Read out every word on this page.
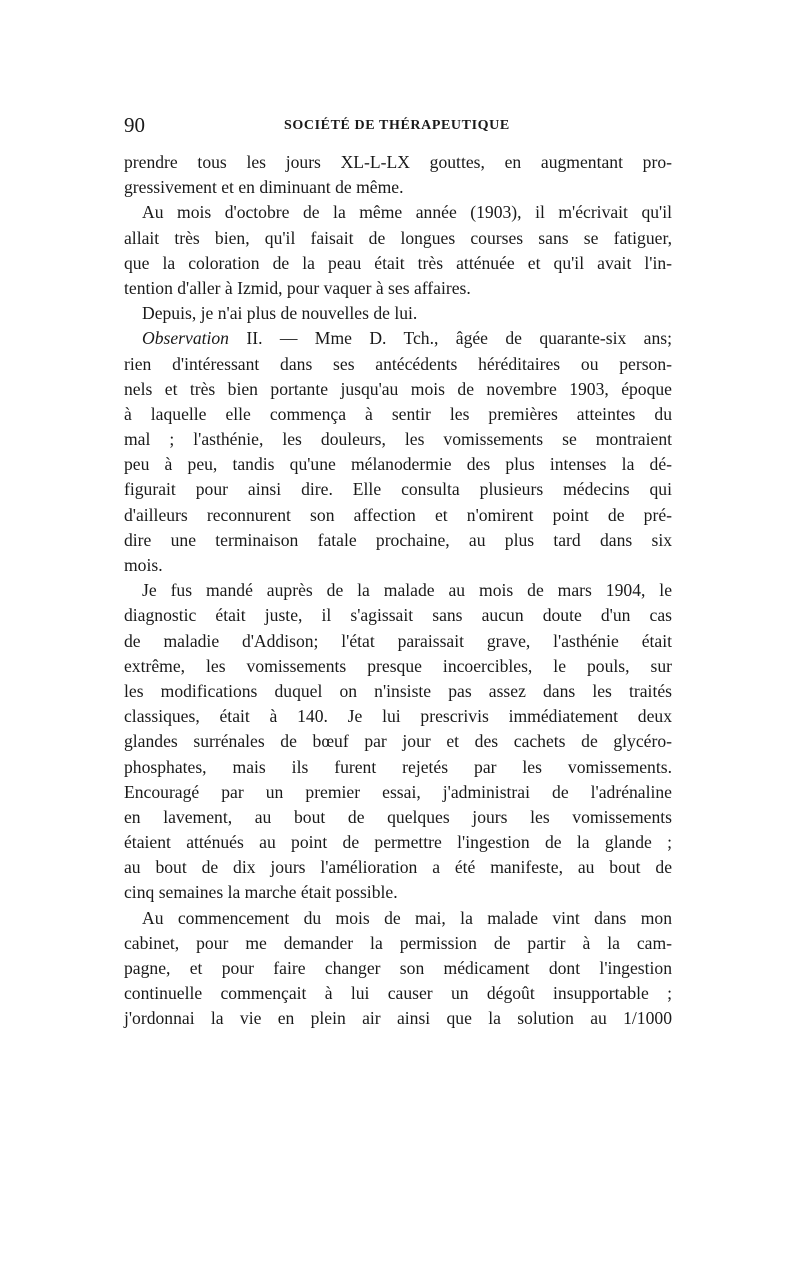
90	SOCIÉTÉ DE THÉRAPEUTIQUE
prendre tous les jours XL-L-LX gouttes, en augmentant pro-
gressivement et en diminuant de même.
Au mois d'octobre de la même année (1903), il m'écrivait qu'il
allait très bien, qu'il faisait de longues courses sans se fatiguer,
que la coloration de la peau était très atténuée et qu'il avait l'in-
tention d'aller à Izmid, pour vaquer à ses affaires.
Depuis, je n'ai plus de nouvelles de lui.
Observation II. — Mme D. Tch., âgée de quarante-six ans;
rien d'intéressant dans ses antécédents héréditaires ou person-
nels et très bien portante jusqu'au mois de novembre 1903, époque
à laquelle elle commença à sentir les premières atteintes du
mal ; l'asthénie, les douleurs, les vomissements se montraient
peu à peu, tandis qu'une mélanodermie des plus intenses la dé-
figurait pour ainsi dire. Elle consulta plusieurs médecins qui
d'ailleurs reconnurent son affection et n'omirent point de pré-
dire une terminaison fatale prochaine, au plus tard dans six
mois.
Je fus mandé auprès de la malade au mois de mars 1904, le
diagnostic était juste, il s'agissait sans aucun doute d'un cas
de maladie d'Addison; l'état paraissait grave, l'asthénie était
extrême, les vomissements presque incoercibles, le pouls, sur
les modifications duquel on n'insiste pas assez dans les traités
classiques, était à 140. Je lui prescrivis immédiatement deux
glandes surrénales de bœuf par jour et des cachets de glycéro-
phosphates, mais ils furent rejetés par les vomissements.
Encouragé par un premier essai, j'administrai de l'adrénaline
en lavement, au bout de quelques jours les vomissements
étaient atténués au point de permettre l'ingestion de la glande ;
au bout de dix jours l'amélioration a été manifeste, au bout de
cinq semaines la marche était possible.
Au commencement du mois de mai, la malade vint dans mon
cabinet, pour me demander la permission de partir à la cam-
pagne, et pour faire changer son médicament dont l'ingestion
continuelle commençait à lui causer un dégoût insupportable ;
j'ordonnai la vie en plein air ainsi que la solution au 1/1000
